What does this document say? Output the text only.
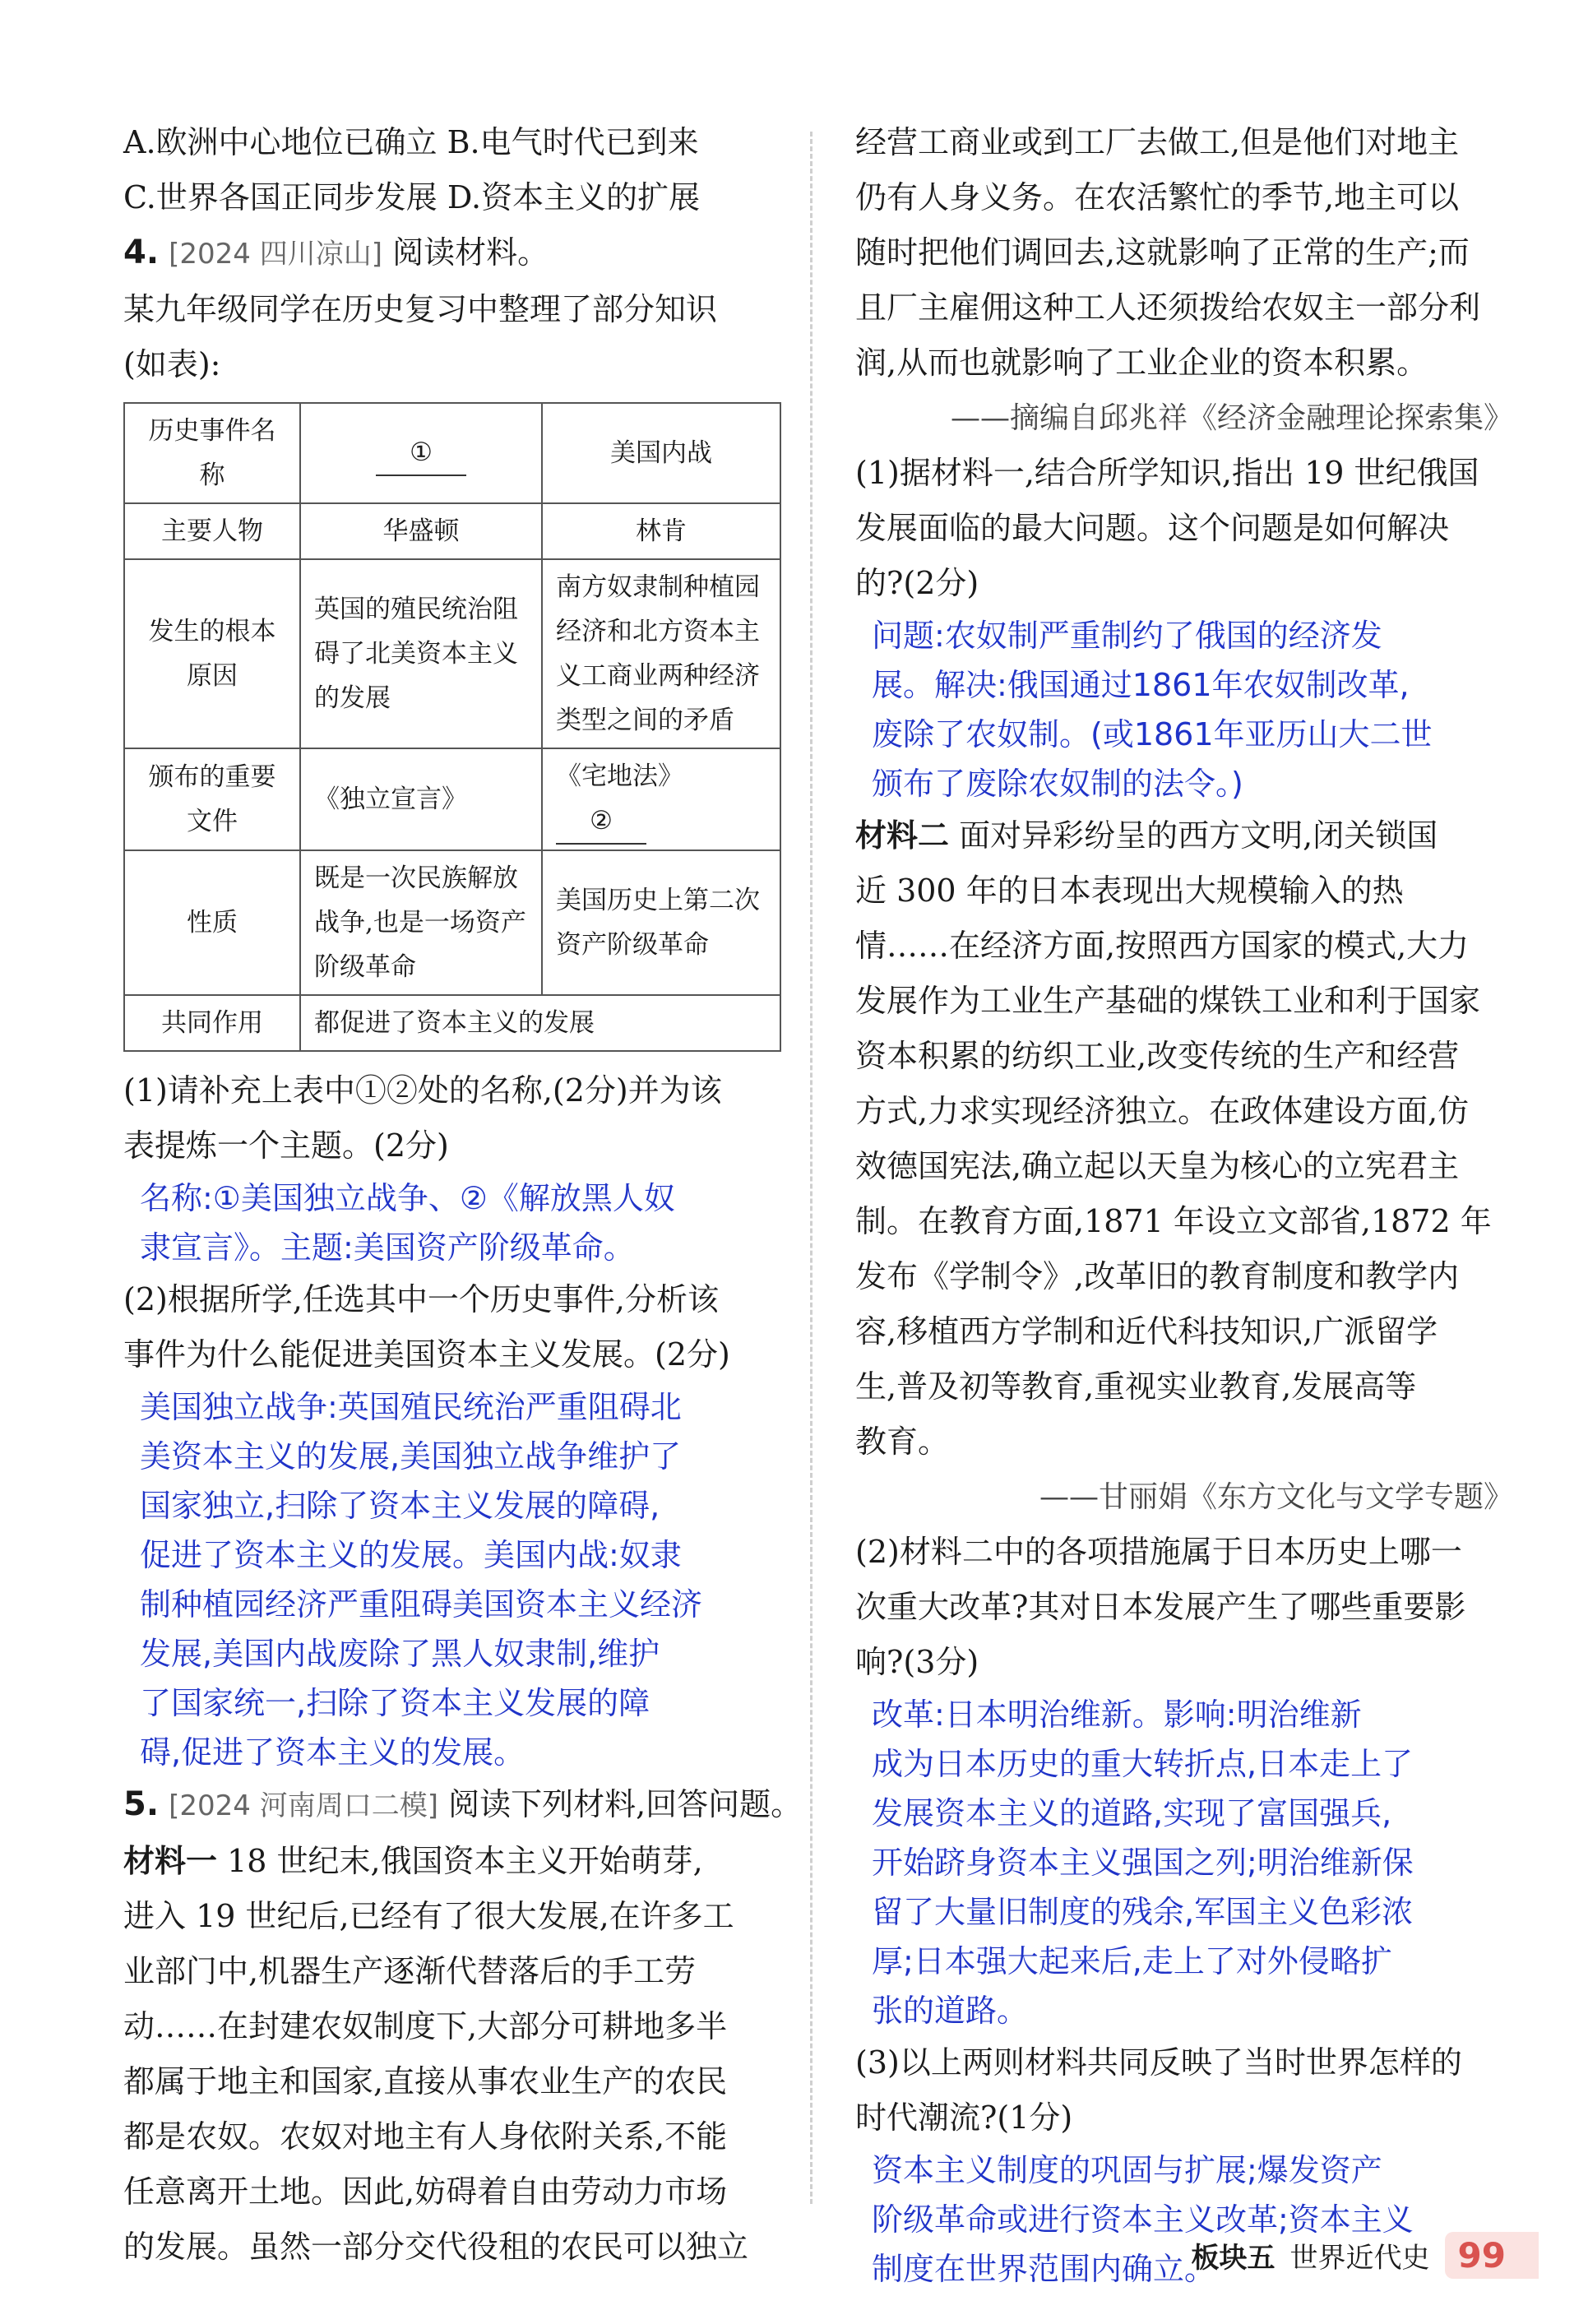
A.欧洲中心地位已确立 B.电气时代已到来
C.世界各国正同步发展 D.资本主义的扩展
4. [2024 四川凉山] 阅读材料。
某九年级同学在历史复习中整理了部分知识
(如表):
历史事件名称	①	美国内战
主要人物	华盛顿	林肯
发生的根本原因	英国的殖民统治阻碍了北美资本主义的发展	南方奴隶制种植园经济和北方资本主义工商业两种经济类型之间的矛盾
颁布的重要文件	《独立宣言》	《宅地法》 ②
性质	既是一次民族解放战争,也是一场资产阶级革命	美国历史上第二次资产阶级革命
共同作用	都促进了资本主义的发展	
(1)请补充上表中①②处的名称,(2分)并为该
表提炼一个主题。(2分)
名称:①美国独立战争、②《解放黑人奴
隶宣言》。主题:美国资产阶级革命。
(2)根据所学,任选其中一个历史事件,分析该
事件为什么能促进美国资本主义发展。(2分)
美国独立战争:英国殖民统治严重阻碍北
美资本主义的发展,美国独立战争维护了
国家独立,扫除了资本主义发展的障碍,
促进了资本主义的发展。美国内战:奴隶
制种植园经济严重阻碍美国资本主义经济
发展,美国内战废除了黑人奴隶制,维护
了国家统一,扫除了资本主义发展的障
碍,促进了资本主义的发展。
5. [2024 河南周口二模] 阅读下列材料,回答问题。
材料一 18 世纪末,俄国资本主义开始萌芽,
进入 19 世纪后,已经有了很大发展,在许多工
业部门中,机器生产逐渐代替落后的手工劳
动……在封建农奴制度下,大部分可耕地多半
都属于地主和国家,直接从事农业生产的农民
都是农奴。农奴对地主有人身依附关系,不能
任意离开土地。因此,妨碍着自由劳动力市场
的发展。虽然一部分交代役租的农民可以独立
经营工商业或到工厂去做工,但是他们对地主
仍有人身义务。在农活繁忙的季节,地主可以
随时把他们调回去,这就影响了正常的生产;而
且厂主雇佣这种工人还须拨给农奴主一部分利
润,从而也就影响了工业企业的资本积累。
——摘编自邱兆祥《经济金融理论探索集》
(1)据材料一,结合所学知识,指出 19 世纪俄国
发展面临的最大问题。这个问题是如何解决
的?(2分)
问题:农奴制严重制约了俄国的经济发
展。解决:俄国通过1861年农奴制改革,
废除了农奴制。(或1861年亚历山大二世
颁布了废除农奴制的法令。)
材料二 面对异彩纷呈的西方文明,闭关锁国
近 300 年的日本表现出大规模输入的热
情……在经济方面,按照西方国家的模式,大力
发展作为工业生产基础的煤铁工业和利于国家
资本积累的纺织工业,改变传统的生产和经营
方式,力求实现经济独立。在政体建设方面,仿
效德国宪法,确立起以天皇为核心的立宪君主
制。在教育方面,1871 年设立文部省,1872 年
发布《学制令》,改革旧的教育制度和教学内
容,移植西方学制和近代科技知识,广派留学
生,普及初等教育,重视实业教育,发展高等
教育。
——甘丽娟《东方文化与文学专题》
(2)材料二中的各项措施属于日本历史上哪一
次重大改革?其对日本发展产生了哪些重要影
响?(3分)
改革:日本明治维新。影响:明治维新
成为日本历史的重大转折点,日本走上了
发展资本主义的道路,实现了富国强兵,
开始跻身资本主义强国之列;明治维新保
留了大量旧制度的残余,军国主义色彩浓
厚;日本强大起来后,走上了对外侵略扩
张的道路。
(3)以上两则材料共同反映了当时世界怎样的
时代潮流?(1分)
资本主义制度的巩固与扩展;爆发资产
阶级革命或进行资本主义改革;资本主义
制度在世界范围内确立。
板块五 世界近代史 99
